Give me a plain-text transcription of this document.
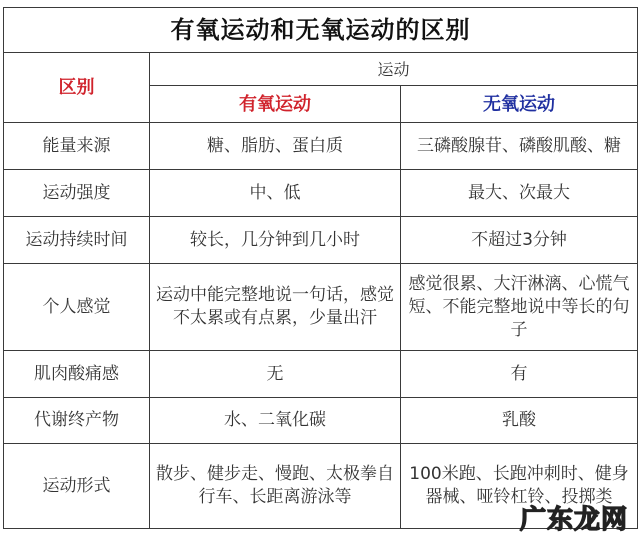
有氧运动和无氧运动的区别		
区别	运动	
	有氧运动	无氧运动
能量来源	糖、脂肪、蛋白质	三磷酸腺苷、磷酸肌酸、糖
运动强度	中、低	最大、次最大
运动持续时间	较长，几分钟到几小时	不超过3分钟
个人感觉	运动中能完整地说一句话，感觉不太累或有点累，少量出汗	感觉很累、大汗淋漓、心慌气短、不能完整地说中等长的句子
肌肉酸痛感	无	有
代谢终产物	水、二氧化碳	乳酸
运动形式	散步、健步走、慢跑、太极拳自行车、长距离游泳等	100米跑、长跑冲刺时、健身器械、哑铃杠铃、投掷类
广东龙网
